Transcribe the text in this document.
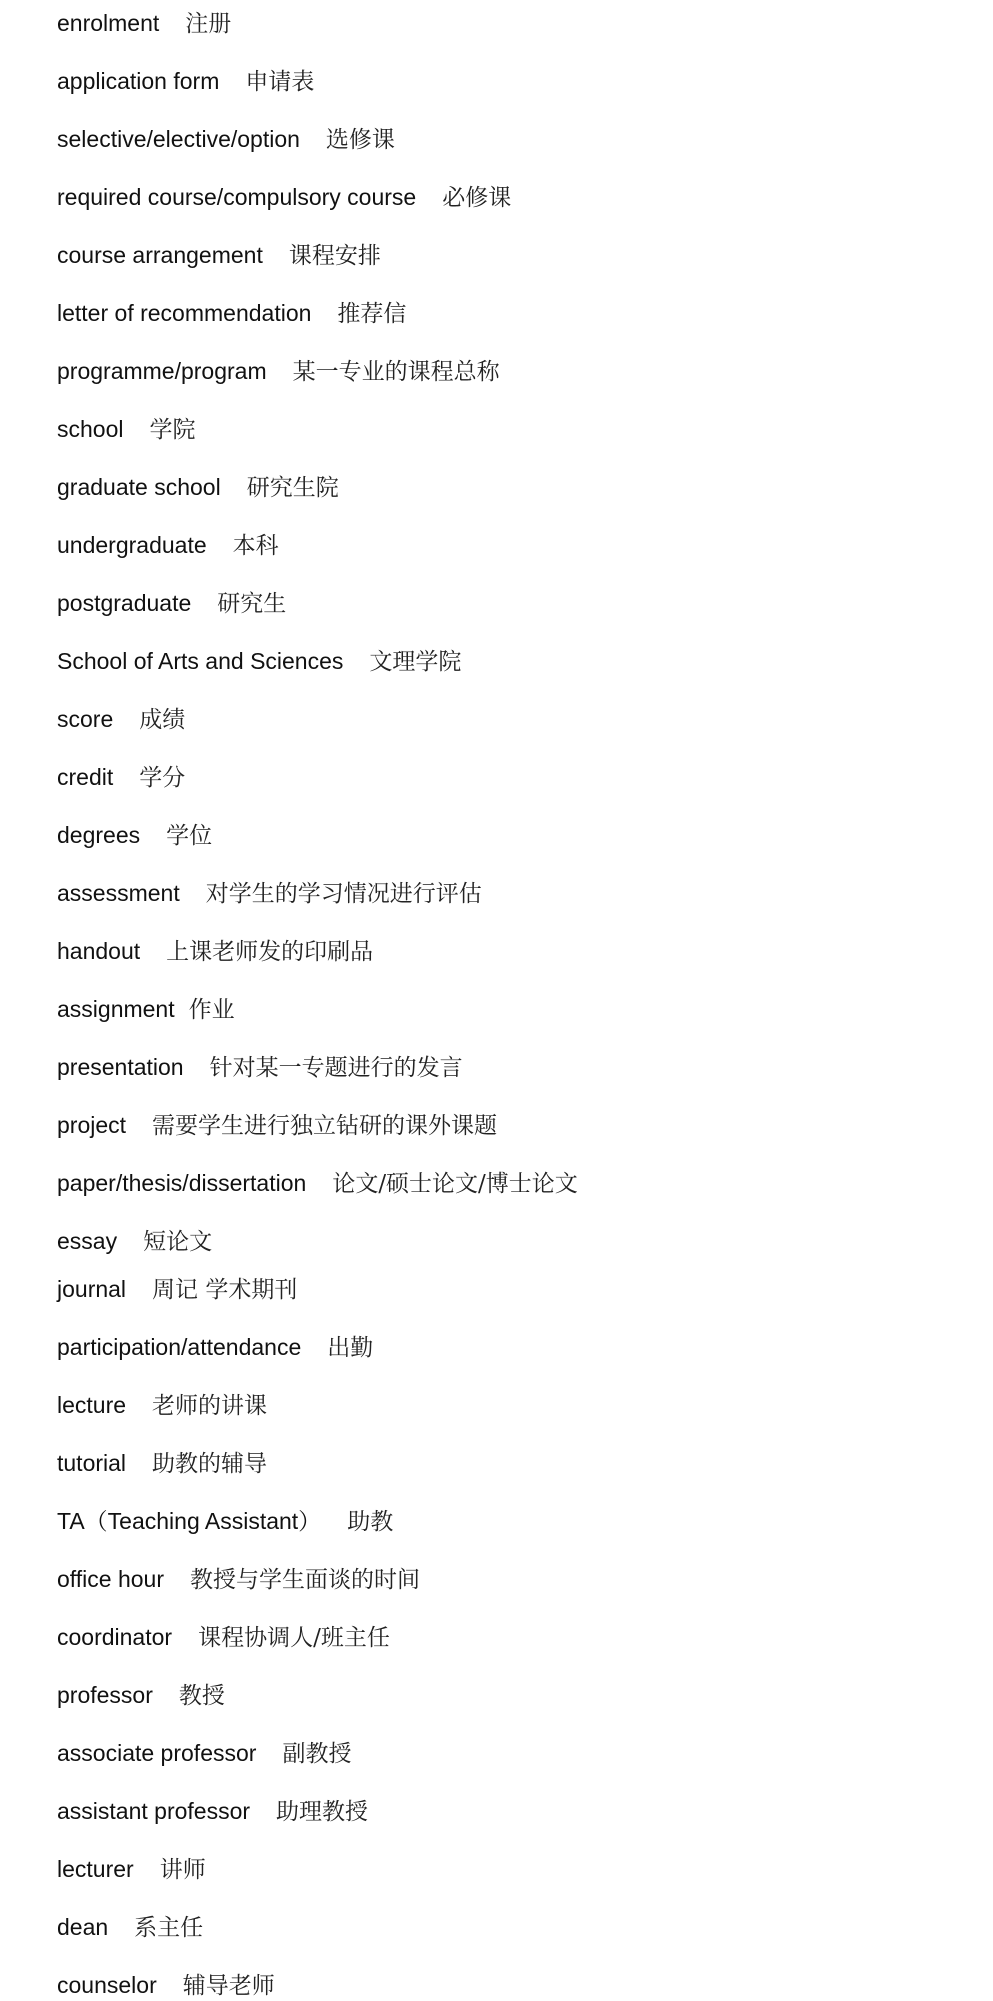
enrolment 注册
application form 申请表
selective/elective/option 选修课
required course/compulsory course 必修课
course arrangement 课程安排
letter of recommendation 推荐信
programme/program 某一专业的课程总称
school 学院
graduate school 研究生院
undergraduate 本科
postgraduate 研究生
School of Arts and Sciences 文理学院
score 成绩
credit 学分
degrees 学位
assessment 对学生的学习情况进行评估
handout 上课老师发的印刷品
assignment 作业
presentation 针对某一专题进行的发言
project 需要学生进行独立钻研的课外课题
paper/thesis/dissertation 论文/硕士论文/博士论文
essay 短论文
journal 周记 学术期刊
participation/attendance 出勤
lecture 老师的讲课
tutorial 助教的辅导
TA（Teaching Assistant） 助教
office hour 教授与学生面谈的时间
coordinator 课程协调人/班主任
professor 教授
associate professor 副教授
assistant professor 助理教授
lecturer 讲师
dean 系主任
counselor 辅导老师
